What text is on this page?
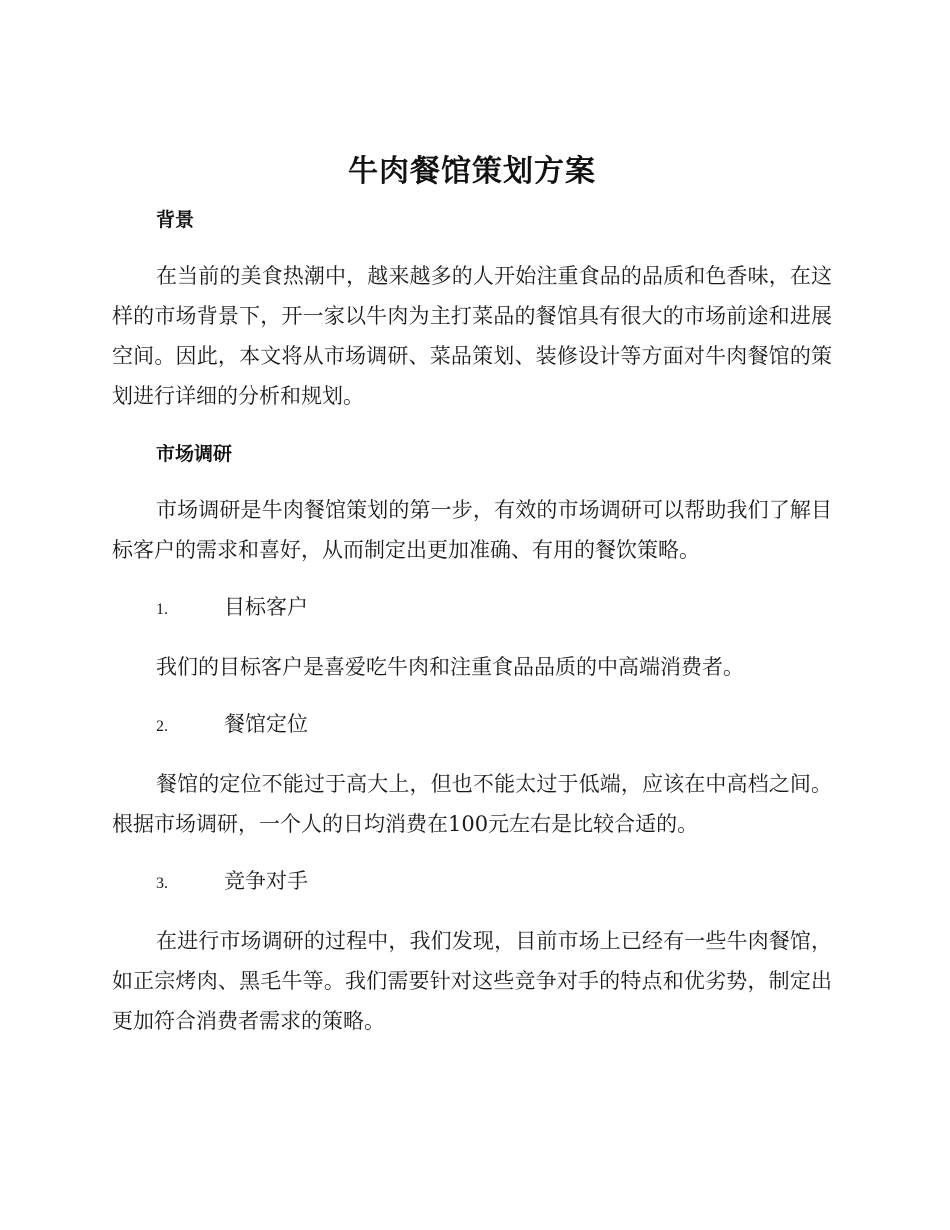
牛肉餐馆策划方案
背景

在当前的美食热潮中，越来越多的人开始注重食品的品质和色香味，在这样的市场背景下，开一家以牛肉为主打菜品的餐馆具有很大的市场前途和进展空间。因此，本文将从市场调研、菜品策划、装修设计等方面对牛肉餐馆的策划进行详细的分析和规划。

市场调研

市场调研是牛肉餐馆策划的第一步，有效的市场调研可以帮助我们了解目标客户的需求和喜好，从而制定出更加准确、有用的餐饮策略。

1.	目标客户

我们的目标客户是喜爱吃牛肉和注重食品品质的中高端消费者。

2.	餐馆定位

餐馆的定位不能过于高大上，但也不能太过于低端，应该在中高档之间。根据市场调研，一个人的日均消费在100元左右是比较合适的。

3.	竞争对手

在进行市场调研的过程中，我们发现，目前市场上已经有一些牛肉餐馆，如正宗烤肉、黑毛牛等。我们需要针对这些竞争对手的特点和优劣势，制定出更加符合消费者需求的策略。
